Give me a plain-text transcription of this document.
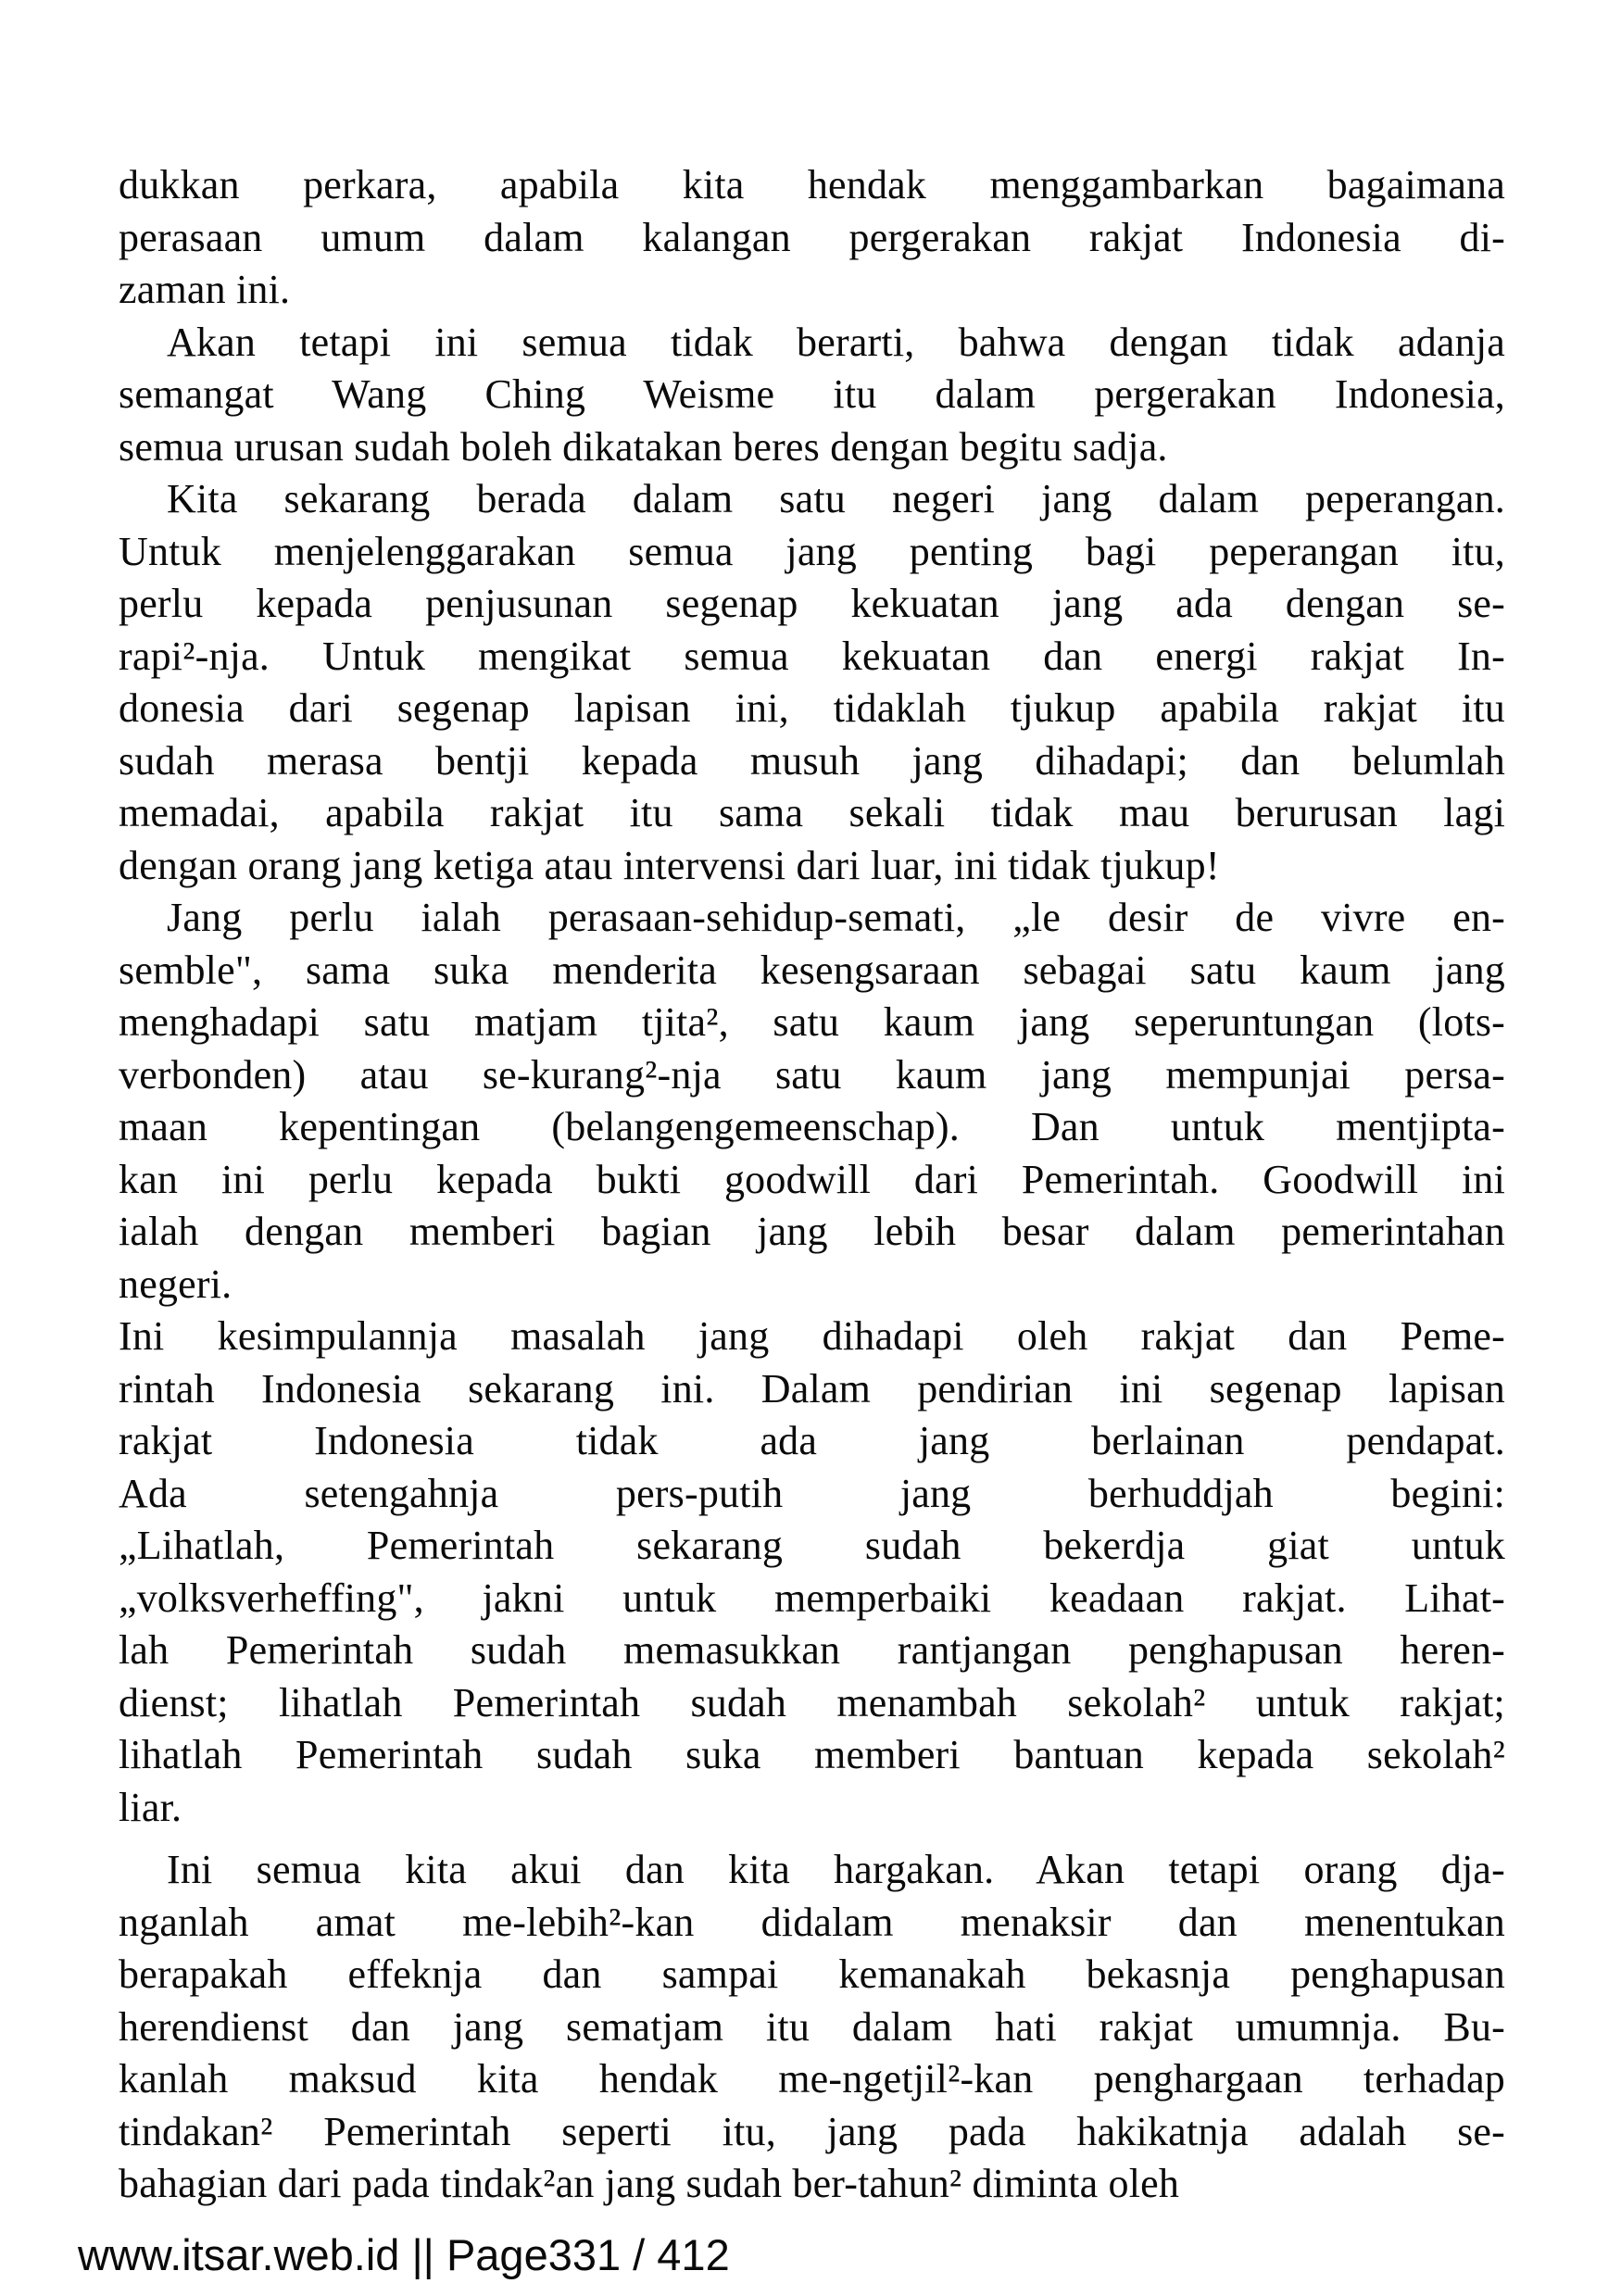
dukkan perkara, apabila kita hendak menggambarkan bagaimana
perasaan umum dalam kalangan pergerakan rakjat Indonesia di-
zaman ini.
Akan tetapi ini semua tidak berarti, bahwa dengan tidak adanja
semangat Wang Ching Weisme itu dalam pergerakan Indonesia,
semua urusan sudah boleh dikatakan beres dengan begitu sadja.
Kita sekarang berada dalam satu negeri jang dalam peperangan.
Untuk menjelenggarakan semua jang penting bagi peperangan itu,
perlu kepada penjusunan segenap kekuatan jang ada dengan se-
rapi²-nja. Untuk mengikat semua kekuatan dan energi rakjat In-
donesia dari segenap lapisan ini, tidaklah tjukup apabila rakjat itu
sudah merasa bentji kepada musuh jang dihadapi; dan belumlah
memadai, apabila rakjat itu sama sekali tidak mau berurusan lagi
dengan orang jang ketiga atau intervensi dari luar, ini tidak tjukup!
Jang perlu ialah perasaan-sehidup-semati, „le desir de vivre en-
semble", sama suka menderita kesengsaraan sebagai satu kaum jang
menghadapi satu matjam tjita², satu kaum jang seperuntungan (lots-
verbonden) atau se-kurang²-nja satu kaum jang mempunjai persa-
maan kepentingan (belangengemeenschap). Dan untuk mentjipta-
kan ini perlu kepada bukti goodwill dari Pemerintah. Goodwill ini
ialah dengan memberi bagian jang lebih besar dalam pemerintahan
negeri.
Ini kesimpulannja masalah jang dihadapi oleh rakjat dan Peme-
rintah Indonesia sekarang ini. Dalam pendirian ini segenap lapisan
rakjat Indonesia tidak ada jang berlainan pendapat.
Ada setengahnja pers-putih jang berhuddjah begini:
„Lihatlah, Pemerintah sekarang sudah bekerdja giat untuk
„volksverheffing", jakni untuk memperbaiki keadaan rakjat. Lihat-
lah Pemerintah sudah memasukkan rantjangan penghapusan heren-
dienst; lihatlah Pemerintah sudah menambah sekolah² untuk rakjat;
lihatlah Pemerintah sudah suka memberi bantuan kepada sekolah²
liar.
Ini semua kita akui dan kita hargakan. Akan tetapi orang dja-
nganlah amat me-lebih²-kan didalam menaksir dan menentukan
berapakah effeknja dan sampai kemanakah bekasnja penghapusan
herendienst dan jang sematjam itu dalam hati rakjat umumnja. Bu-
kanlah maksud kita hendak me-ngetjil²-kan penghargaan terhadap
tindakan² Pemerintah seperti itu, jang pada hakikatnja adalah se-
bahagian dari pada tindak²an jang sudah ber-tahun² diminta oleh
www.itsar.web.id || Page331 / 412
